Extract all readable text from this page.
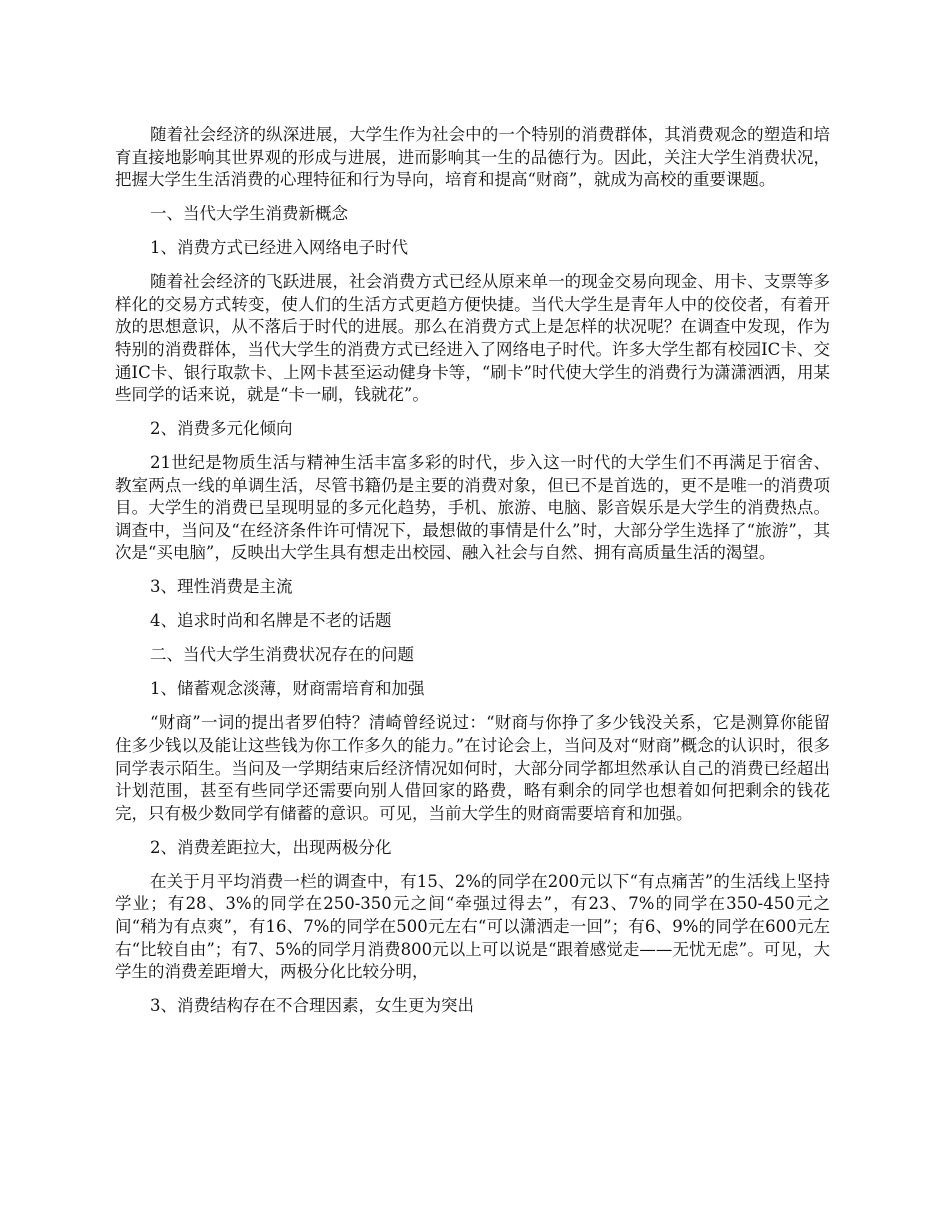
随着社会经济的纵深进展，大学生作为社会中的一个特别的消费群体，其消费观念的塑造和培育直接地影响其世界观的形成与进展，进而影响其一生的品德行为。因此，关注大学生消费状况，把握大学生生活消费的心理特征和行为导向，培育和提高“财商”，就成为高校的重要课题。

一、当代大学生消费新概念

1、消费方式已经进入网络电子时代

随着社会经济的飞跃进展，社会消费方式已经从原来单一的现金交易向现金、用卡、支票等多样化的交易方式转变，使人们的生活方式更趋方便快捷。当代大学生是青年人中的佼佼者，有着开放的思想意识，从不落后于时代的进展。那么在消费方式上是怎样的状况呢？在调查中发现，作为特别的消费群体，当代大学生的消费方式已经进入了网络电子时代。许多大学生都有校园IC卡、交通IC卡、银行取款卡、上网卡甚至运动健身卡等，“刷卡”时代使大学生的消费行为潇潇洒洒，用某些同学的话来说，就是“卡一刷，钱就花”。

2、消费多元化倾向

21世纪是物质生活与精神生活丰富多彩的时代，步入这一时代的大学生们不再满足于宿舍、教室两点一线的单调生活，尽管书籍仍是主要的消费对象，但已不是首选的，更不是唯一的消费项目。大学生的消费已呈现明显的多元化趋势，手机、旅游、电脑、影音娱乐是大学生的消费热点。调查中，当问及“在经济条件许可情况下，最想做的事情是什么”时，大部分学生选择了“旅游”，其次是“买电脑”，反映出大学生具有想走出校园、融入社会与自然、拥有高质量生活的渴望。

3、理性消费是主流

4、追求时尚和名牌是不老的话题

二、当代大学生消费状况存在的问题

1、储蓄观念淡薄，财商需培育和加强

“财商”一词的提出者罗伯特？清崎曾经说过：“财商与你挣了多少钱没关系，它是测算你能留住多少钱以及能让这些钱为你工作多久的能力。”在讨论会上，当问及对“财商”概念的认识时，很多同学表示陌生。当问及一学期结束后经济情况如何时，大部分同学都坦然承认自己的消费已经超出计划范围，甚至有些同学还需要向别人借回家的路费，略有剩余的同学也想着如何把剩余的钱花完，只有极少数同学有储蓄的意识。可见，当前大学生的财商需要培育和加强。

2、消费差距拉大，出现两极分化

在关于月平均消费一栏的调查中，有15、2%的同学在200元以下“有点痛苦”的生活线上坚持学业；有28、3%的同学在250-350元之间“牵强过得去”，有23、7%的同学在350-450元之间“稍为有点爽”，有16、7%的同学在500元左右“可以潇洒走一回”；有6、9%的同学在600元左右“比较自由”；有7、5%的同学月消费800元以上可以说是“跟着感觉走——无忧无虑”。可见，大学生的消费差距增大，两极分化比较分明，

3、消费结构存在不合理因素，女生更为突出
